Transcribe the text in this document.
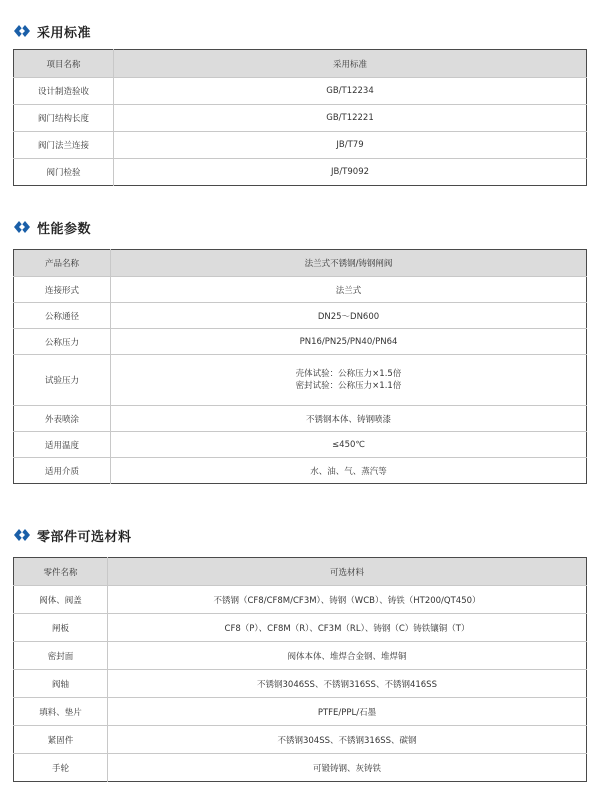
采用标准
项目名称	采用标准
设计制造验收	GB/T12234
阀门结构长度	GB/T12221
阀门法兰连接	JB/T79
阀门检验	JB/T9092
性能参数
产品名称	法兰式不锈钢/铸钢闸阀
连接形式	法兰式
公称通径	DN25～DN600
公称压力	PN16/PN25/PN40/PN64
试验压力	壳体试验：公称压力×1.5倍
密封试验：公称压力×1.1倍

外表喷涂	不锈钢本体、铸钢喷漆
适用温度	≤450℃
适用介质	水、油、气、蒸汽等
零部件可选材料
零件名称	可选材料
阀体、阀盖	不锈钢（CF8/CF8M/CF3M）、铸钢（WCB）、铸铁（HT200/QT450）
闸板	CF8（P）、CF8M（R）、CF3M（RL）、铸钢（C）铸铁镶铜（T）
密封面	阀体本体、堆焊合金钢、堆焊铜
阀轴	不锈钢3046SS、不锈钢316SS、不锈钢416SS
填料、垫片	PTFE/PPL/石墨
紧固件	不锈钢304SS、不锈钢316SS、碳钢
手轮	可锻铸钢、灰铸铁
